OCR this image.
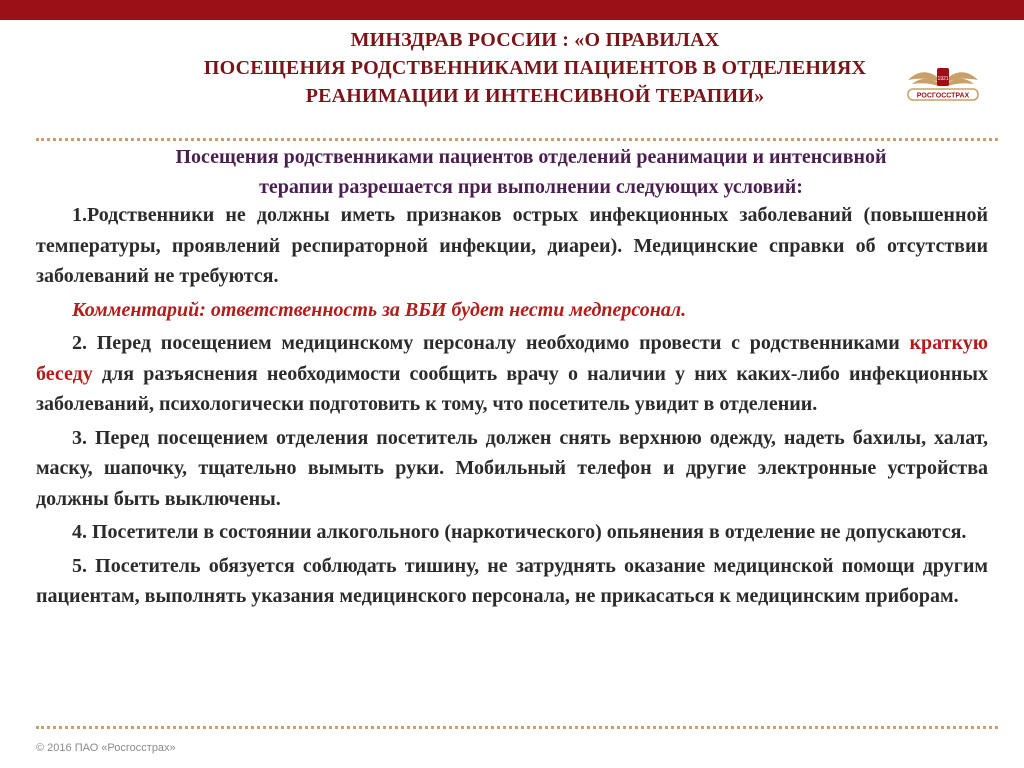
МИНЗДРАВ РОССИИ : «О ПРАВИЛАХ
ПОСЕЩЕНИЯ РОДСТВЕННИКАМИ ПАЦИЕНТОВ В ОТДЕЛЕНИЯХ
РЕАНИМАЦИИ И ИНТЕНСИВНОЙ ТЕРАПИИ»
1921
РОСГОССТРАХ
Посещения родственниками пациентов отделений реанимации и интенсивной
терапии разрешается при выполнении следующих условий:

1.Родственники не должны иметь признаков острых инфекционных заболеваний (повышенной температуры, проявлений респираторной инфекции, диареи). Медицинские справки об отсутствии заболеваний не требуются.

Комментарий: ответственность за ВБИ будет нести медперсонал.

2. Перед посещением медицинскому персоналу необходимо провести с родственниками краткую беседу для разъяснения необходимости сообщить врачу о наличии у них каких-либо инфекционных заболеваний, психологически подготовить к тому, что посетитель увидит в отделении.

3. Перед посещением отделения посетитель должен снять верхнюю одежду, надеть бахилы, халат, маску, шапочку, тщательно вымыть руки. Мобильный телефон и другие электронные устройства должны быть выключены.

4. Посетители в состоянии алкогольного (наркотического) опьянения в отделение не допускаются.

5. Посетитель обязуется соблюдать тишину, не затруднять оказание медицинской помощи другим пациентам, выполнять указания медицинского персонала, не прикасаться к медицинским приборам.

© 2016 ПАО «Росгосстрах»
